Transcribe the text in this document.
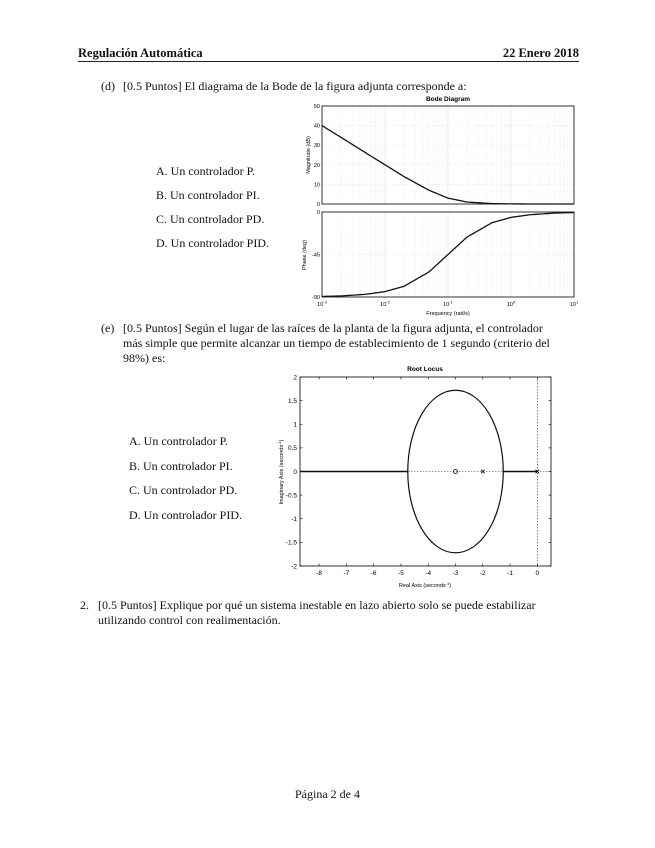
Regulación Automática	22 Enero 2018
(d) [0.5 Puntos] El diagrama de la Bode de la figura adjunta corresponde a:
A. Un controlador P.
B. Un controlador PI.
C. Un controlador PD.
D. Un controlador PID.
Bode Diagram
50
40
30
20
10
0
0
-45
-90
$10^{-3}$	$10^{-2}$	$10^{-1}$	$10^0$	$10^1$
Magnitude (dB)
Phase (deg)
Frequency (rad/s)
(e) [0.5 Puntos] Según el lugar de las raíces de la planta de la figura adjunta, el controlador
más simple que permite alcanzar un tiempo de establecimiento de 1 segundo (criterio del
98%) es:
A. Un controlador P.
B. Un controlador PI.
C. Un controlador PD.
D. Un controlador PID.
Root Locus
-8	-7	-6	-5	-4	-3	-2	-1	0
2
1.5
1
0.5
0
-0.5
-1
-1.5
-2
Real Axis (seconds$^{-1}$)
Imaginary Axis (seconds$^{-1}$)
2. [0.5 Puntos] Explique por qué un sistema inestable en lazo abierto solo se puede estabilizar
utilizando control con realimentación.
Página 2 de 4
